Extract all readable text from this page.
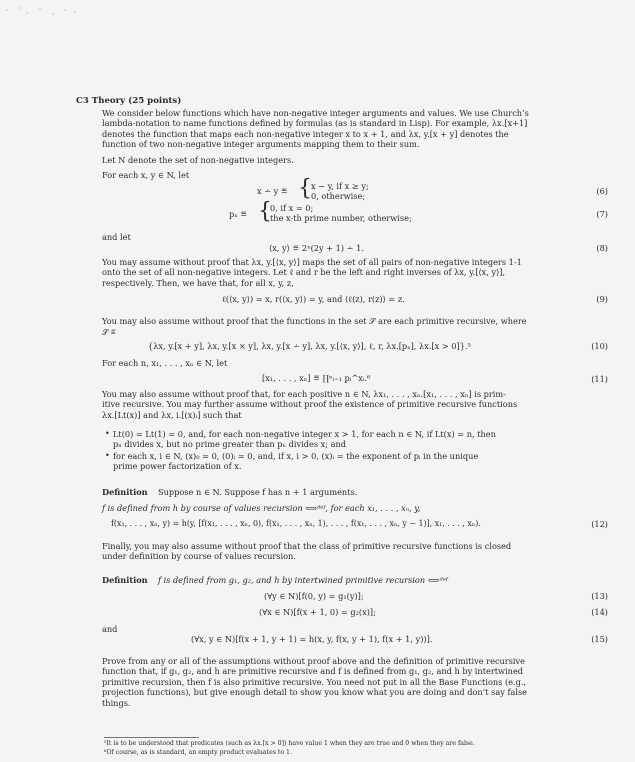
C3 Theory (25 points)
We consider below functions which have non-negative integer arguments and values. We use Church’s
lambda-notation to name functions defined by formulas (as is standard in Lisp). For example, λx.[x+1]
denotes the function that maps each non-negative integer x to x + 1, and λx, y.[x + y] denotes the
function of two non-negative integer arguments mapping them to their sum.
Let N denote the set of non-negative integers.
For each x, y ∈ N, let
x ∸ y ≝ { x − y, if x ≥ y;
0, otherwise;	(6)
pₓ ≝ {
0, if x = 0;
the x-th prime number, otherwise;	(7)
and let
⟨x, y⟩ ≝ 2ˣ(2y + 1) ∸ 1.	(8)
You may assume without proof that λx, y.[⟨x, y⟩] maps the set of all pairs of non-negative integers 1-1
onto the set of all non-negative integers. Let ℓ and r be the left and right inverses of λx, y.[⟨x, y⟩],
respectively. Then, we have that, for all x, y, z,
ℓ(⟨x, y⟩) = x, r(⟨x, y⟩) = y, and ⟨ℓ(z), r(z)⟩ = z.	(9)
You may also assume without proof that the functions in the set 𝒮 are each primitive recursive, where
𝒮 ≝
{λx, y.[x + y], λx, y.[x × y], λx, y.[x ∸ y], λx, y.[⟨x, y⟩], ℓ, r, λx.[pₓ], λx.[x > 0]}.⁵	(10)
For each n, x₁, . . . , xₙ ∈ N, let
[x₁, . . . , xₙ] ≝ ∏ⁿᵢ₌₁ pᵢ^xᵢ.⁶	(11)
You may also assume without proof that, for each positive n ∈ N, λx₁, . . . , xₙ.[x₁, . . . , xₙ] is prim-
itive recursive. You may further assume without proof the existence of primitive recursive functions
λx.[Lt(x)] and λx, i.[(x)ᵢ] such that
• Lt(0) = Lt(1) = 0, and, for each non-negative integer x > 1, for each n ∈ N, if Lt(x) = n, then
pₙ divides x, but no prime greater than pₙ divides x; and
• for each x, i ∈ N, (x)₀ = 0, (0)ᵢ = 0, and, if x, i > 0, (x)ᵢ = the exponent of pᵢ in the unique
prime power factorization of x.
Definition Suppose n ∈ N. Suppose f has n + 1 arguments.
f is defined from h by course of values recursion ⟺ᵈᵉᶠ, for each x₁, . . . , xₙ, y,
f(x₁, . . . , xₙ, y) = h(y, [f(x₁, . . . , xₙ, 0), f(x₁, . . . , xₙ, 1), . . . , f(x₁, . . . , xₙ, y − 1)], x₁, . . . , xₙ).	(12)
Finally, you may also assume without proof that the class of primitive recursive functions is closed
under definition by course of values recursion.
Definition f is defined from g₁, g₂, and h by intertwined primitive recursion ⟺ᵈᵉᶠ
(∀y ∈ N)[f(0, y) = g₁(y)];	(13)
(∀x ∈ N)[f(x + 1, 0) = g₂(x)];	(14)
and
(∀x, y ∈ N)[f(x + 1, y + 1) = h(x, y, f(x, y + 1), f(x + 1, y))].	(15)
Prove from any or all of the assumptions without proof above and the definition of primitive recursive
function that, if g₁, g₂, and h are primitive recursive and f is defined from g₁, g₂, and h by intertwined
primitive recursion, then f is also primitive recursive. You need not put in all the Base Functions (e.g.,
projection functions), but give enough detail to show you know what you are doing and don’t say false
things.
⁵It is to be understood that predicates (such as λx.[x > 0]) have value 1 when they are true and 0 when they are false.
⁶Of course, as is standard, an empty product evaluates to 1.
